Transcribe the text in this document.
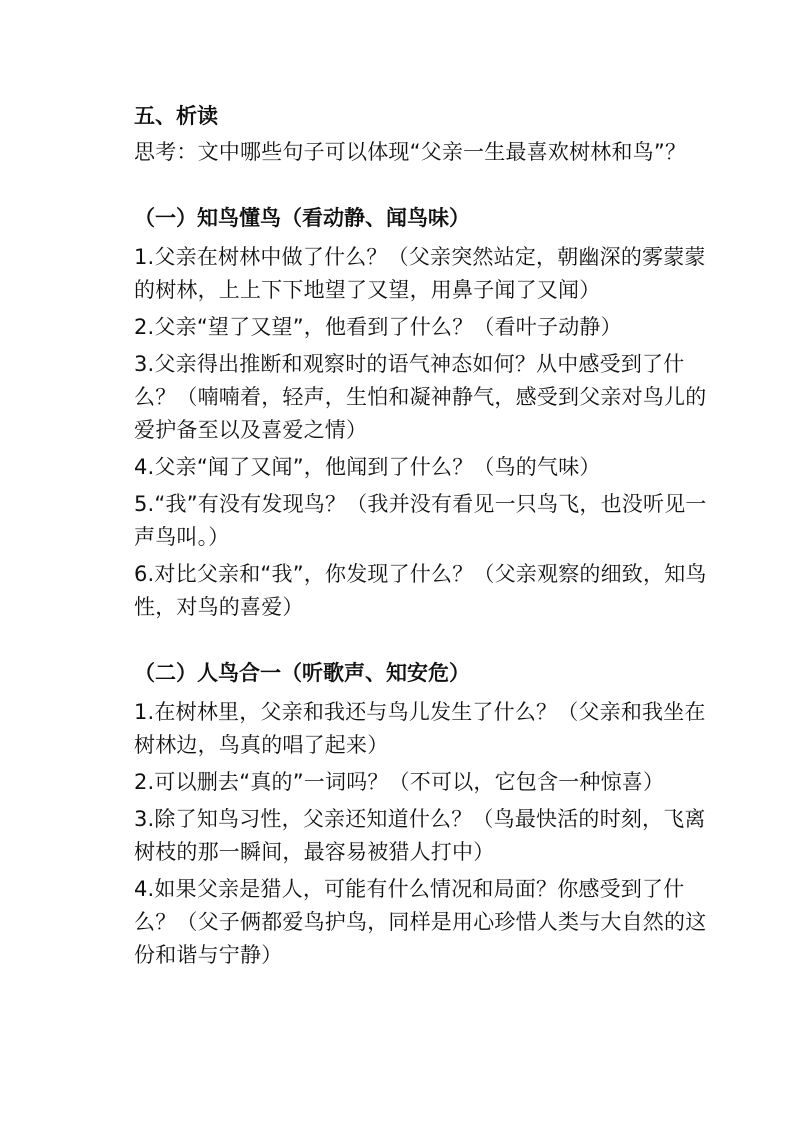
五、析读
思考：文中哪些句子可以体现“父亲一生最喜欢树林和鸟”？
（一）知鸟懂鸟（看动静、闻鸟味）
1.父亲在树林中做了什么？（父亲突然站定，朝幽深的雾蒙蒙的树林，上上下下地望了又望，用鼻子闻了又闻）
2.父亲“望了又望”，他看到了什么？（看叶子动静）
3.父亲得出推断和观察时的语气神态如何？从中感受到了什么？（喃喃着，轻声，生怕和凝神静气，感受到父亲对鸟儿的爱护备至以及喜爱之情）
4.父亲“闻了又闻”，他闻到了什么？（鸟的气味）
5.“我”有没有发现鸟？（我并没有看见一只鸟飞，也没听见一声鸟叫。）
6.对比父亲和“我”，你发现了什么？（父亲观察的细致，知鸟性，对鸟的喜爱）
（二）人鸟合一（听歌声、知安危）
1.在树林里，父亲和我还与鸟儿发生了什么？（父亲和我坐在树林边，鸟真的唱了起来）
2.可以删去“真的”一词吗？（不可以，它包含一种惊喜）
3.除了知鸟习性，父亲还知道什么？（鸟最快活的时刻，飞离树枝的那一瞬间，最容易被猎人打中）
4.如果父亲是猎人，可能有什么情况和局面？你感受到了什么？（父子俩都爱鸟护鸟，同样是用心珍惜人类与大自然的这份和谐与宁静）
